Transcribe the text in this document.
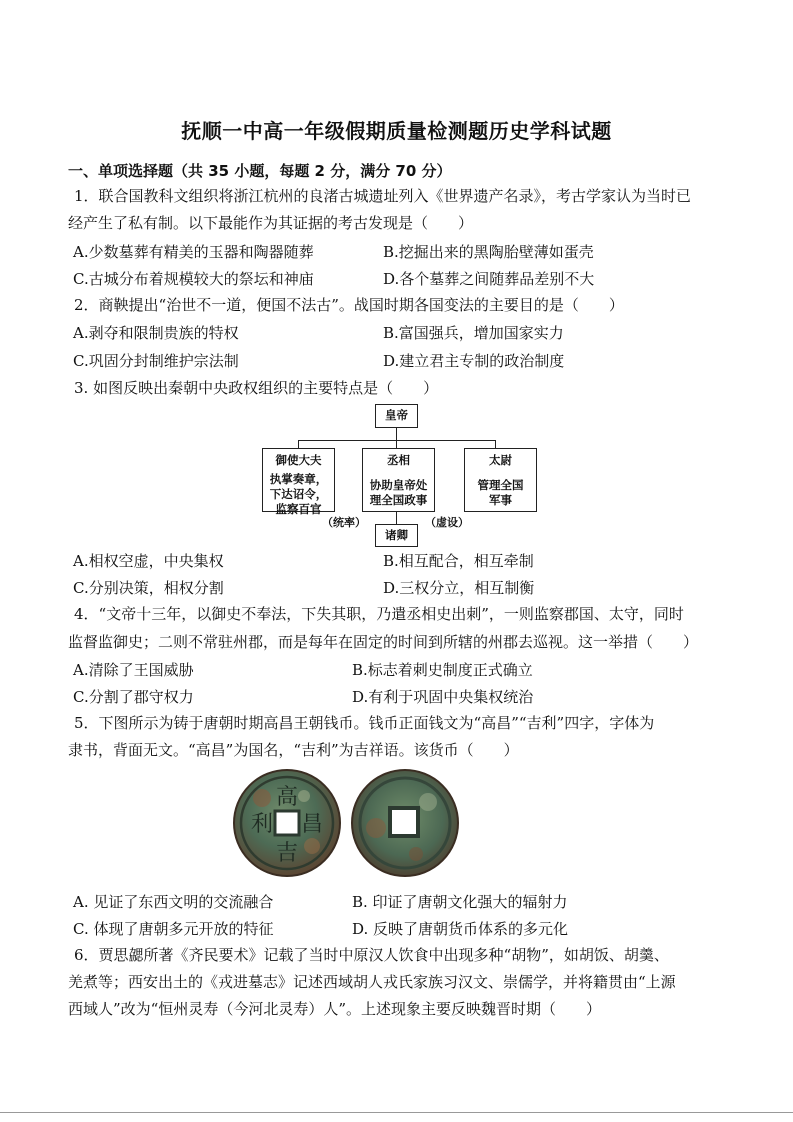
抚顺一中高一年级假期质量检测题历史学科试题
一、单项选择题（共 35 小题，每题 2 分，满分 70 分）
1．联合国教科文组织将浙江杭州的良渚古城遗址列入《世界遗产名录》，考古学家认为当时已
经产生了私有制。以下最能作为其证据的考古发现是（　　）
A.少数墓葬有精美的玉器和陶器随葬	B.挖掘出来的黑陶胎壁薄如蛋壳
C.古城分布着规模较大的祭坛和神庙	D.各个墓葬之间随葬品差别不大
2．商鞅提出“治世不一道，便国不法古”。战国时期各国变法的主要目的是（　　）
A.剥夺和限制贵族的特权	B.富国强兵，增加国家实力
C.巩固分封制维护宗法制	D.建立君主专制的政治制度
3. 如图反映出秦朝中央政权组织的主要特点是（　　）
皇帝
御使大夫
执掌奏章，
下达诏令，
监察百官
丞相
协助皇帝处
理全国政事
太尉
管理全国
军事
（统率）	（虚设）
诸卿
A.相权空虚，中央集权	B.相互配合，相互牵制
C.分别决策，相权分割	D.三权分立，相互制衡
4．“文帝十三年，以御史不奉法，下失其职，乃遣丞相史出刺”，一则监察郡国、太守，同时
监督监御史；二则不常驻州郡，而是每年在固定的时间到所辖的州郡去巡视。这一举措（　　）
A.清除了王国威胁	B.标志着刺史制度正式确立
C.分割了郡守权力	D.有利于巩固中央集权统治
5．下图所示为铸于唐朝时期高昌王朝钱币。钱币正面钱文为“高昌”“吉利”四字，字体为
隶书，背面无文。“高昌”为国名，“吉利”为吉祥语。该货币（　　）
高
昌
吉
利
A. 见证了东西文明的交流融合	B. 印证了唐朝文化强大的辐射力
C. 体现了唐朝多元开放的特征	D. 反映了唐朝货币体系的多元化
6．贾思勰所著《齐民要术》记载了当时中原汉人饮食中出现多种“胡物”，如胡饭、胡羹、
羌煮等；西安出土的《戎进墓志》记述西域胡人戎氏家族习汉文、崇儒学，并将籍贯由“上源
西域人”改为“恒州灵寿（今河北灵寿）人”。上述现象主要反映魏晋时期（　　）
